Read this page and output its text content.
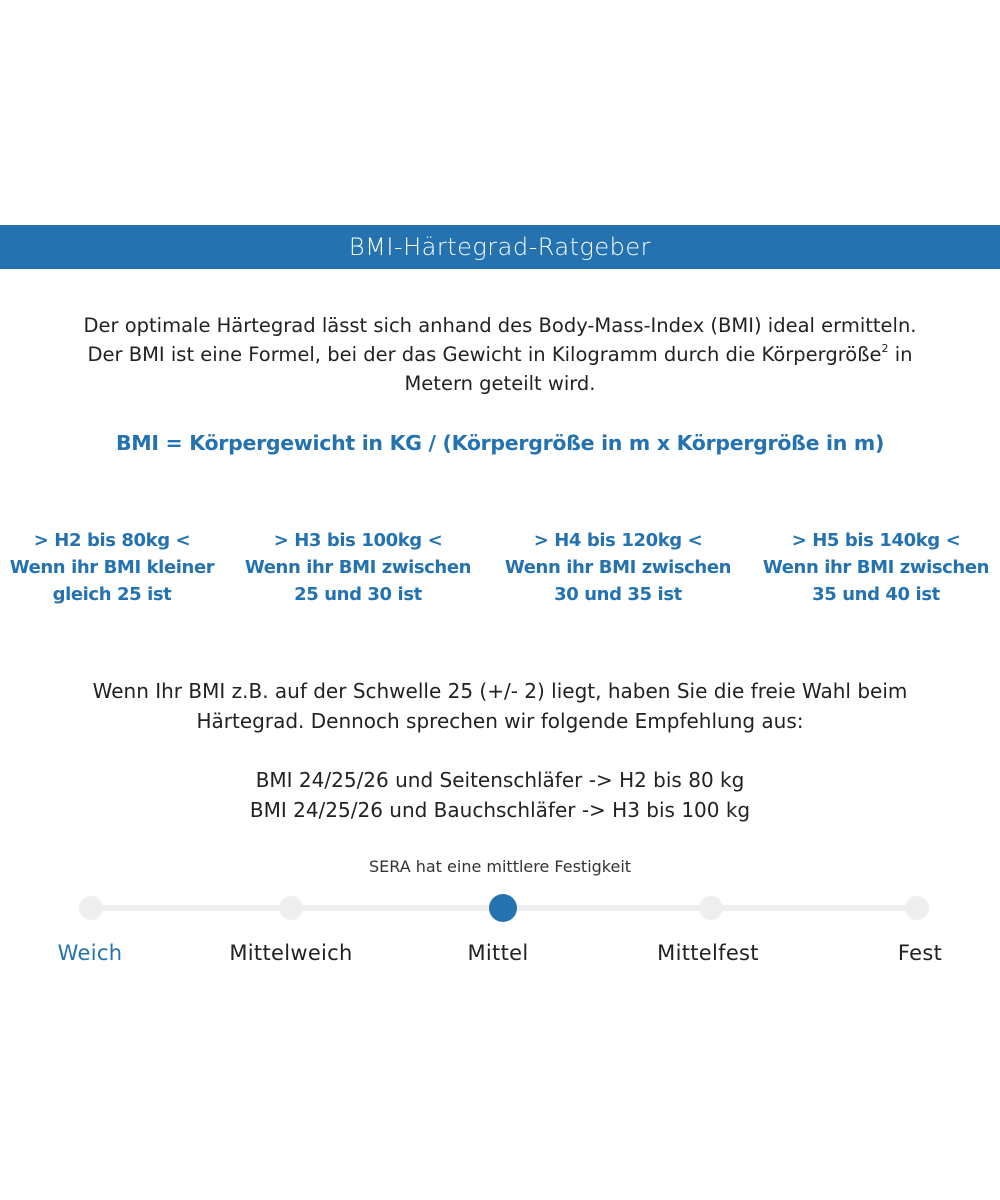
BMI-Härtegrad-Ratgeber
Der optimale Härtegrad lässt sich anhand des Body-Mass-Index (BMI) ideal ermitteln.
Der BMI ist eine Formel, bei der das Gewicht in Kilogramm durch die Körpergröße$^2$ in
Metern geteilt wird.
BMI = Körpergewicht in KG / (Körpergröße in m x Körpergröße in m)
> H2 bis 80kg <
Wenn ihr BMI kleiner
gleich 25 ist
> H3 bis 100kg <
Wenn ihr BMI zwischen
25 und 30 ist
> H4 bis 120kg <
Wenn ihr BMI zwischen
30 und 35 ist
> H5 bis 140kg <
Wenn ihr BMI zwischen
35 und 40 ist
Wenn Ihr BMI z.B. auf der Schwelle 25 (+/- 2) liegt, haben Sie die freie Wahl beim
Härtegrad. Dennoch sprechen wir folgende Empfehlung aus:
BMI 24/25/26 und Seitenschläfer -> H2 bis 80 kg
BMI 24/25/26 und Bauchschläfer -> H3 bis 100 kg
SERA hat eine mittlere Festigkeit
Weich	Mittelweich	Mittel	Mittelfest	Fest
